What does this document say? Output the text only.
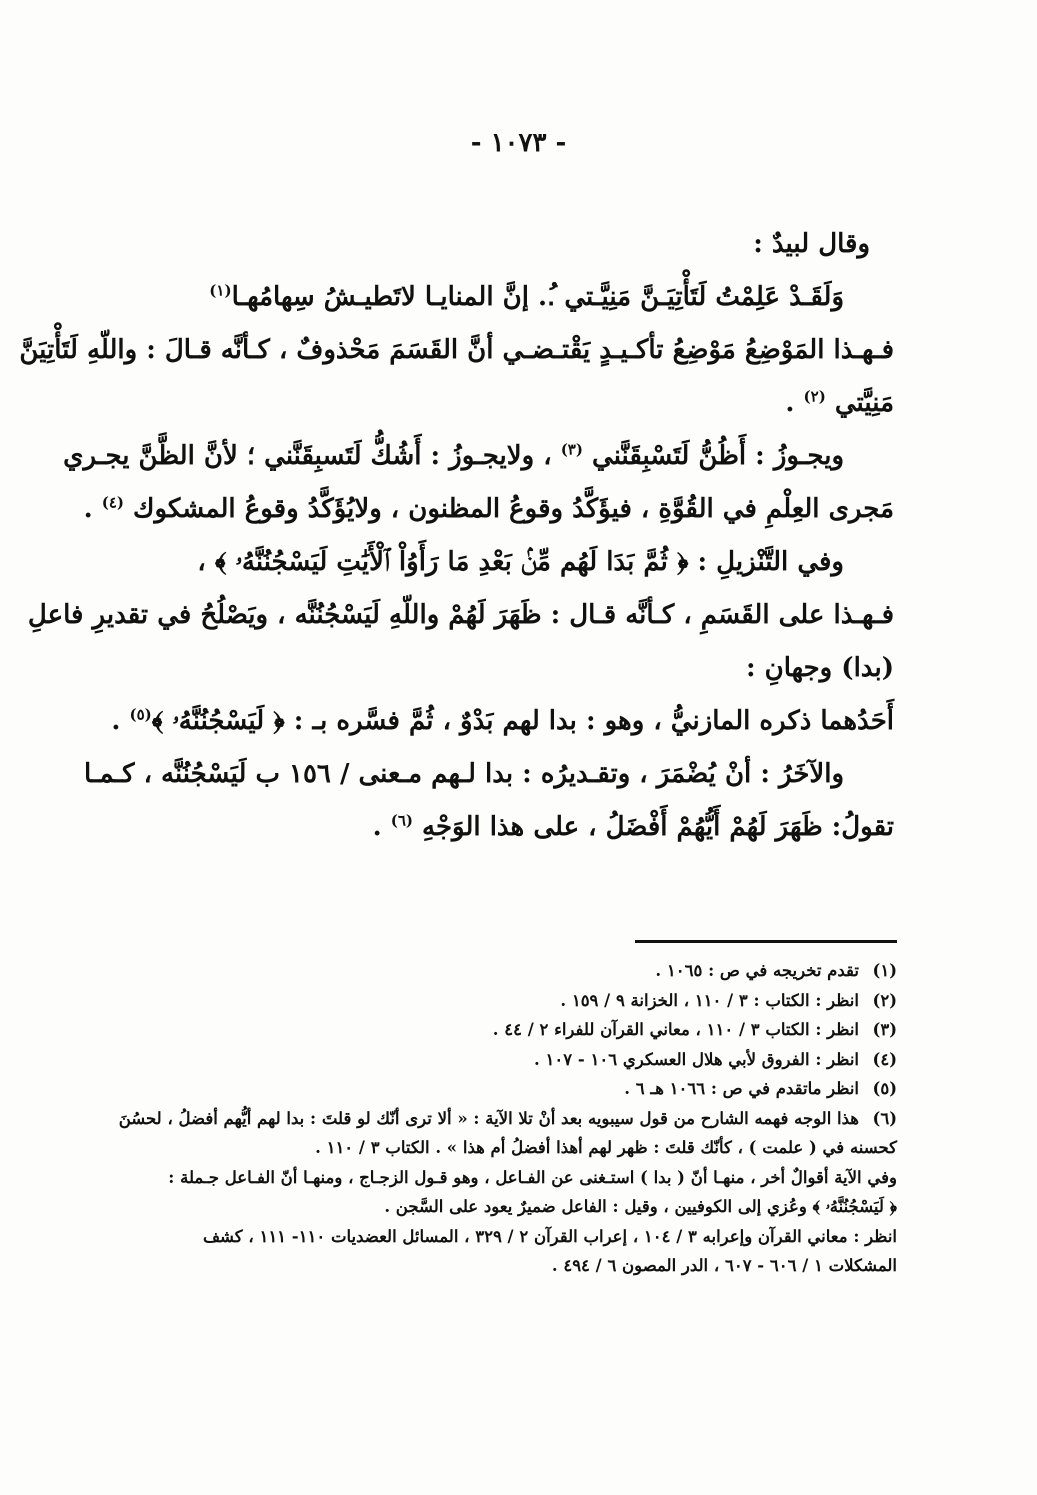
- ١٠٧٣ -
وقال لبيدٌ :
وَلَقَـدْ عَلِمْتُ لَتَأْتِيَـنَّ مَنِيَّـتي .ُ. إنَّ المنايـا لاتَطيـشُ سِهامُهـا$^{(١)}$
فـهـذا المَوْضِعُ مَوْضِعُ تأكـيـدٍ يَقْتـضـي أنَّ القَسَمَ مَحْذوفٌ ، كـأنَّه قـالَ : واللّهِ لَتَأْتِيَنَّ
مَنِيَّتي $^{(٢)}$ .
ويجـوزُ : أَظُنُّ لَتَسْبِقَنَّني $^{(٣)}$ ، ولايجـوزُ : أَشُكُّ لَتَسبِقَنَّني ؛ لأنَّ الظَّنَّ يجـري
مَجرى العِلْمِ في القُوَّةِ ، فيؤَكَّدُ وقوعُ المظنون ، ولايُؤَكَّدُ وقوعُ المشكوك $^{(٤)}$ .
وفي التَّنْزيلِ : ﴿ ثُمَّ بَدَا لَهُم مِّنۢ بَعْدِ مَا رَأَوُاْ ٱلْأَيَٰتِ لَيَسْجُنُنَّهُۥ ﴾ ،
فـهـذا على القَسَمِ ، كـأنَّه قـال : ظَهَرَ لَهُمْ واللّهِ لَيَسْجُنُنَّه ، ويَصْلُحُ في تقديرِ فاعلِ
(بدا) وجهانِ :
أَحَدُهما ذكره المازنيُّ ، وهو : بدا لهم بَدْوٌ ، ثُمَّ فسَّره بـ : ﴿ لَيَسْجُنُنَّهُۥ ﴾$^{(٥)}$ .
والآخَرُ : أنْ يُضْمَرَ ، وتقـديرُه : بدا لـهم مـعنى / ١٥٦ ب لَيَسْجُنُنَّه ، كـمـا
تقولُ: ظَهَرَ لَهُمْ أَيُّهُمْ أَفْضَلُ ، على هذا الوَجْهِ $^{(٦)}$ .
(١)تقدم تخريجه في ص : ١٠٦٥ .
(٢)انظر : الكتاب : ٣ / ١١٠ ، الخزانة ٩ / ١٥٩ .
(٣)انظر : الكتاب ٣ / ١١٠ ، معاني القرآن للفراء ٢ / ٤٤ .
(٤)انظر : الفروق لأبي هلال العسكري ١٠٦ - ١٠٧ .
(٥)انظر ماتقدم في ص : ١٠٦٦ هـ ٦ .
(٦)هذا الوجه فهمه الشارح من قول سيبويه بعد أنْ تلا الآية : « ألا ترى أنّك لو قلتَ : بدا لهم أيُّهم أفضلُ ، لحسُنَ
كحسنه في ( علمت ) ، كأنّك قلتَ : ظهر لهم أهذا أفضلُ أم هذا » . الكتاب ٣ / ١١٠ .
وفي الآية أقوالٌ أخر ، منهـا أنّ ( بدا ) استـغنى عن الفـاعل ، وهو قـول الزجـاج ، ومنهـا أنّ الفـاعل جـملة :
﴿ لَيَسْجُنُنَّهُۥ ﴾ وعُزي إلى الكوفيين ، وقيل : الفاعل ضميرٌ يعود على السَّجن .
انظر : معاني القرآن وإعرابه ٣ / ١٠٤ ، إعراب القرآن ٢ / ٣٢٩ ، المسائل العضديات ١١٠- ١١١ ، كشف
المشكلات ١ / ٦٠٦ - ٦٠٧ ، الدر المصون ٦ / ٤٩٤ .
